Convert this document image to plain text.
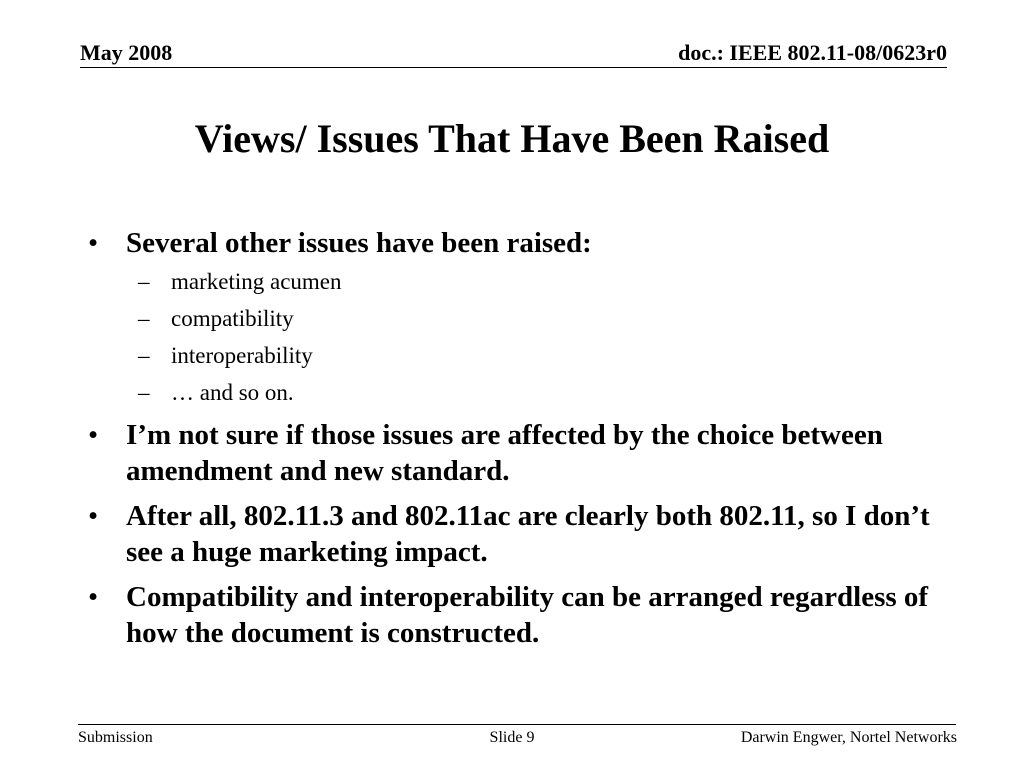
May 2008	doc.: IEEE 802.11-08/0623r0
Views/ Issues That Have Been Raised
• Several other issues have been raised:
– marketing acumen
– compatibility
– interoperability
– … and so on.
• I’m not sure if those issues are affected by the choice between amendment and new standard.
• After all, 802.11.3 and 802.11ac are clearly both 802.11, so I don’t see a huge marketing impact.
• Compatibility and interoperability can be arranged regardless of how the document is constructed.
Submission	Slide 9	Darwin Engwer, Nortel Networks
